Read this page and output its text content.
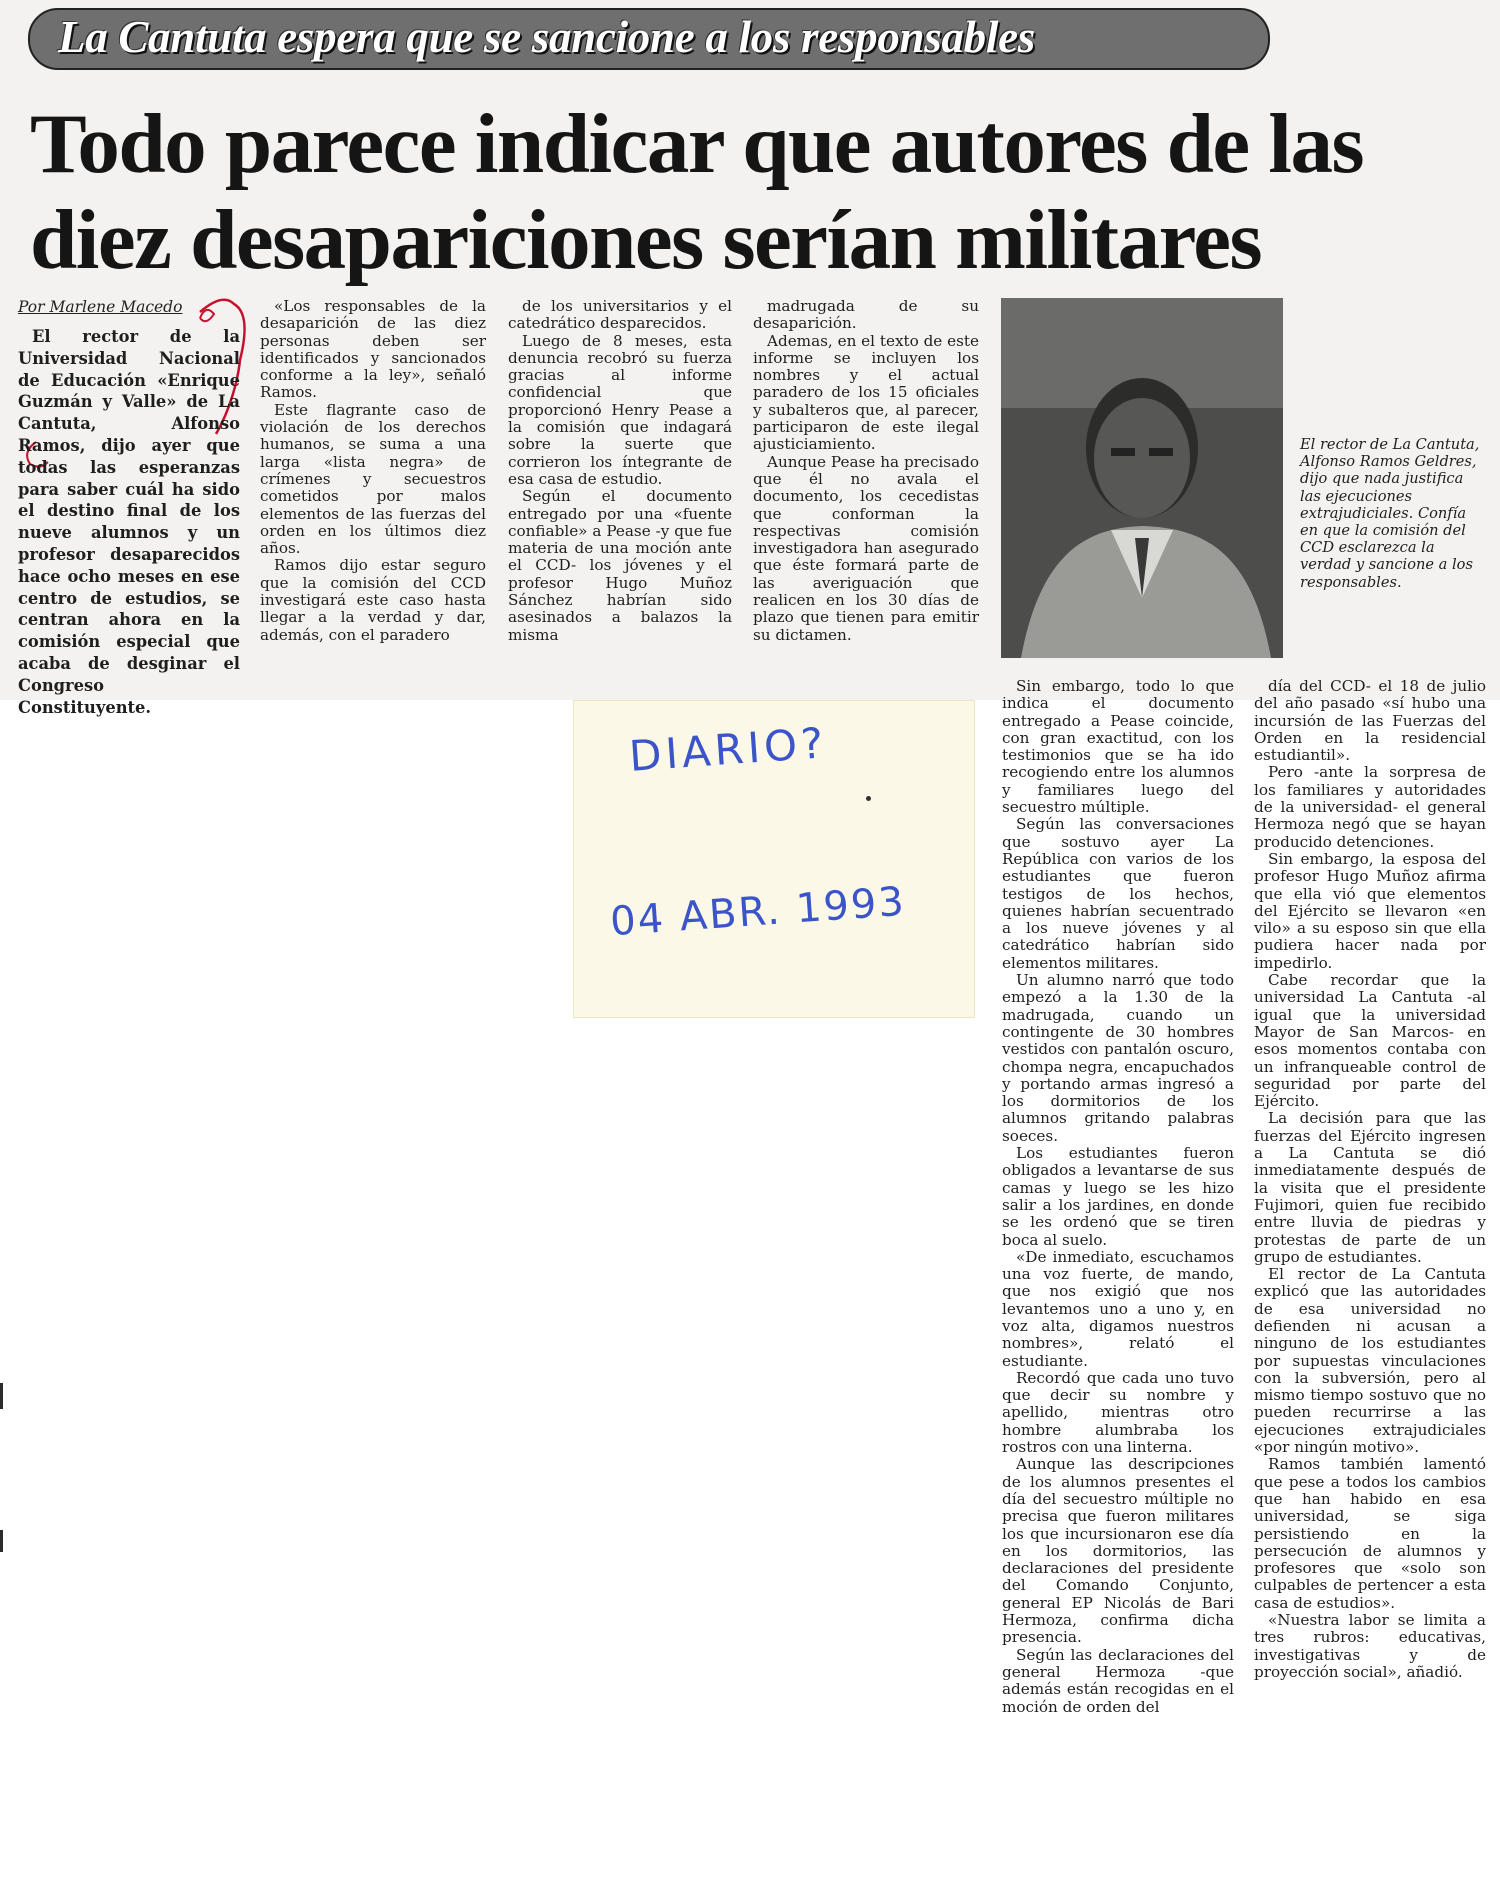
La Cantuta espera que se sancione a los responsables
Todo parece indicar que autores de las
diez desapariciones serían militares
Por Marlene Macedo

El rector de la Universidad Nacional de Educación «Enrique Guzmán y Valle» de La Cantuta, Alfonso Ramos, dijo ayer que todas las esperanzas para saber cuál ha sido el destino final de los nueve alumnos y un profesor desaparecidos hace ocho meses en ese centro de estudios, se centran ahora en la comisión especial que acaba de desginar el Congreso Constituyente.

«Los responsables de la desaparición de las diez personas deben ser identificados y sancionados conforme a la ley», señaló Ramos.

Este flagrante caso de violación de los derechos humanos, se suma a una larga «lista negra» de crímenes y secuestros cometidos por malos elementos de las fuerzas del orden en los últimos diez años.

Ramos dijo estar seguro que la comisión del CCD investigará este caso hasta llegar a la verdad y dar, además, con el paradero

de los universitarios y el catedrático desparecidos.

Luego de 8 meses, esta denuncia recobró su fuerza gracias al informe confidencial que proporcionó Henry Pease a la comisión que indagará sobre la suerte que corrieron los íntegrante de esa casa de estudio.

Según el documento entregado por una «fuente confiable» a Pease -y que fue materia de una moción ante el CCD- los jóvenes y el profesor Hugo Muñoz Sánchez habrían sido asesinados a balazos la misma

madrugada de su desaparición.

Ademas, en el texto de este informe se incluyen los nombres y el actual paradero de los 15 oficiales y subalteros que, al parecer, participaron de este ilegal ajusticiamiento.

Aunque Pease ha precisado que él no avala el documento, los cecedistas que conforman la respectivas comisión investigadora han asegurado que éste formará parte de las averiguación que realicen en los 30 días de plazo que tienen para emitir su dictamen.

El rector de La Cantuta, Alfonso Ramos Geldres, dijo que nada justifica las ejecuciones extrajudiciales. Confía en que la comisión del CCD esclarezca la verdad y sancione a los responsables.

Sin embargo, todo lo que indica el documento entregado a Pease coincide, con gran exactitud, con los testimonios que se ha ido recogiendo entre los alumnos y familiares luego del secuestro múltiple.

Según las conversaciones que sostuvo ayer La República con varios de los estudiantes que fueron testigos de los hechos, quienes habrían secuentrado a los nueve jóvenes y al catedrático habrían sido elementos militares.

Un alumno narró que todo empezó a la 1.30 de la madrugada, cuando un contingente de 30 hombres vestidos con pantalón oscuro, chompa negra, encapuchados y portando armas ingresó a los dormitorios de los alumnos gritando palabras soeces.

Los estudiantes fueron obligados a levantarse de sus camas y luego se les hizo salir a los jardines, en donde se les ordenó que se tiren boca al suelo.

«De inmediato, escuchamos una voz fuerte, de mando, que nos exigió que nos levantemos uno a uno y, en voz alta, digamos nuestros nombres», relató el estudiante.

Recordó que cada uno tuvo que decir su nombre y apellido, mientras otro hombre alumbraba los rostros con una linterna.

Aunque las descripciones de los alumnos presentes el día del secuestro múltiple no precisa que fueron militares los que incursionaron ese día en los dormitorios, las declaraciones del presidente del Comando Conjunto, general EP Nicolás de Bari Hermoza, confirma dicha presencia.

Según las declaraciones del general Hermoza -que además están recogidas en el moción de orden del

día del CCD- el 18 de julio del año pasado «sí hubo una incursión de las Fuerzas del Orden en la residencial estudiantil».

Pero -ante la sorpresa de los familiares y autoridades de la universidad- el general Hermoza negó que se hayan producido detenciones.

Sin embargo, la esposa del profesor Hugo Muñoz afirma que ella vió que elementos del Ejército se llevaron «en vilo» a su esposo sin que ella pudiera hacer nada por impedirlo.

Cabe recordar que la universidad La Cantuta -al igual que la universidad Mayor de San Marcos- en esos momentos contaba con un infranqueable control de seguridad por parte del Ejército.

La decisión para que las fuerzas del Ejército ingresen a La Cantuta se dió inmediatamente después de la visita que el presidente Fujimori, quien fue recibido entre lluvia de piedras y protestas de parte de un grupo de estudiantes.

El rector de La Cantuta explicó que las autoridades de esa universidad no defienden ni acusan a ninguno de los estudiantes por supuestas vinculaciones con la subversión, pero al mismo tiempo sostuvo que no pueden recurrirse a las ejecuciones extrajudiciales «por ningún motivo».

Ramos también lamentó que pese a todos los cambios que han habido en esa universidad, se siga persistiendo en la persecución de alumnos y profesores que «solo son culpables de pertencer a esta casa de estudios».

«Nuestra labor se limita a tres rubros: educativas, investigativas y de proyección social», añadió.

DIARIO?
04 ABR. 1993
